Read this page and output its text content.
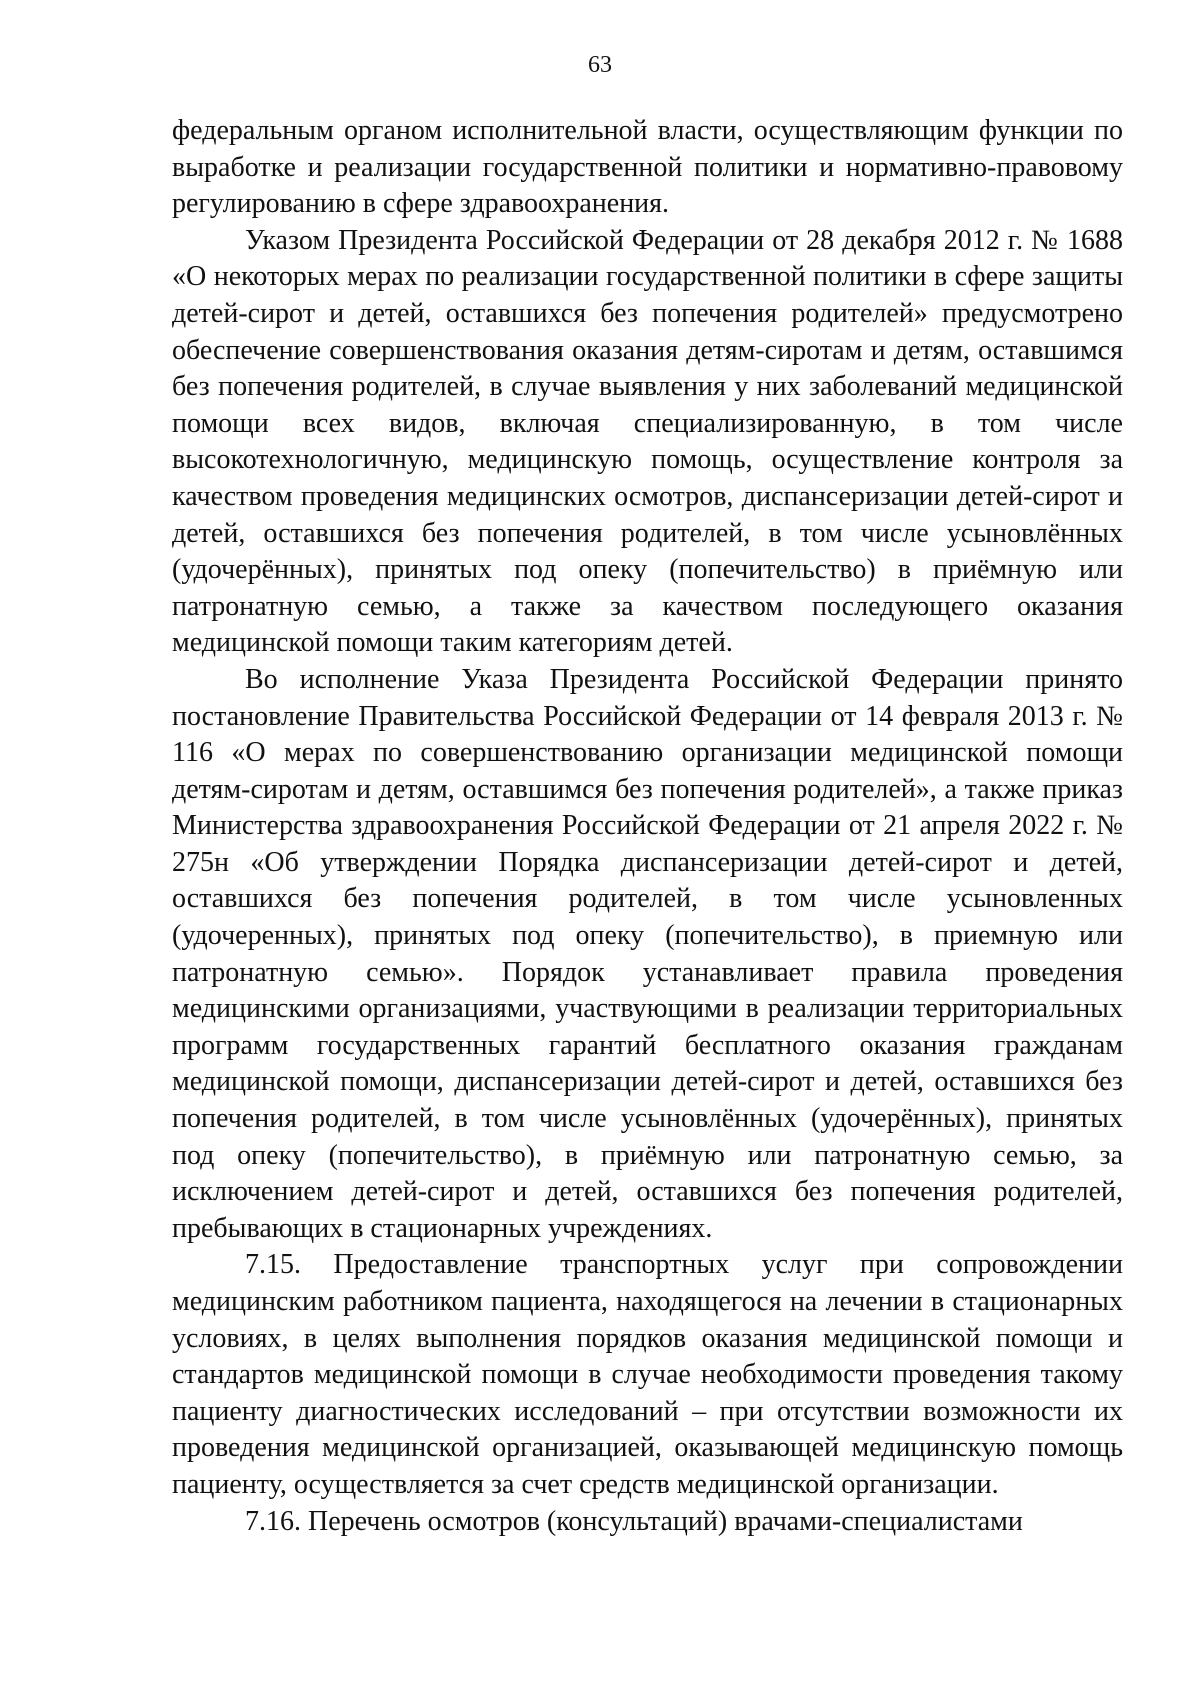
63

федеральным органом исполнительной власти, осуществляющим функции по выработке и реализации государственной политики и нормативно-правовому регулированию в сфере здравоохранения.

Указом Президента Российской Федерации от 28 декабря 2012 г. № 1688 «О некоторых мерах по реализации государственной политики в сфере защиты детей-сирот и детей, оставшихся без попечения родителей» предусмотрено обеспечение совершенствования оказания детям-сиротам и детям, оставшимся без попечения родителей, в случае выявления у них заболеваний медицинской помощи всех видов, включая специализированную, в том числе высокотехнологичную, медицинскую помощь, осуществление контроля за качеством проведения медицинских осмотров, диспансеризации детей-сирот и детей, оставшихся без попечения родителей, в том числе усыновлённых (удочерённых), принятых под опеку (попечительство) в приёмную или патронатную семью, а также за качеством последующего оказания медицинской помощи таким категориям детей.

Во исполнение Указа Президента Российской Федерации принято постановление Правительства Российской Федерации от 14 февраля 2013 г. № 116 «О мерах по совершенствованию организации медицинской помощи детям-сиротам и детям, оставшимся без попечения родителей», а также приказ Министерства здравоохранения Российской Федерации от 21 апреля 2022 г. № 275н «Об утверждении Порядка диспансеризации детей-сирот и детей, оставшихся без попечения родителей, в том числе усыновленных (удочеренных), принятых под опеку (попечительство), в приемную или патронатную семью». Порядок устанавливает правила проведения медицинскими организациями, участвующими в реализации территориальных программ государственных гарантий бесплатного оказания гражданам медицинской помощи, диспансеризации детей-сирот и детей, оставшихся без попечения родителей, в том числе усыновлённых (удочерённых), принятых под опеку (попечительство), в приёмную или патронатную семью, за исключением детей-сирот и детей, оставшихся без попечения родителей, пребывающих в стационарных учреждениях.

7.15. Предоставление транспортных услуг при сопровождении медицинским работником пациента, находящегося на лечении в стационарных условиях, в целях выполнения порядков оказания медицинской помощи и стандартов медицинской помощи в случае необходимости проведения такому пациенту диагностических исследований – при отсутствии возможности их проведения медицинской организацией, оказывающей медицинскую помощь пациенту, осуществляется за счет средств медицинской организации.

7.16. Перечень осмотров (консультаций) врачами-специалистами
